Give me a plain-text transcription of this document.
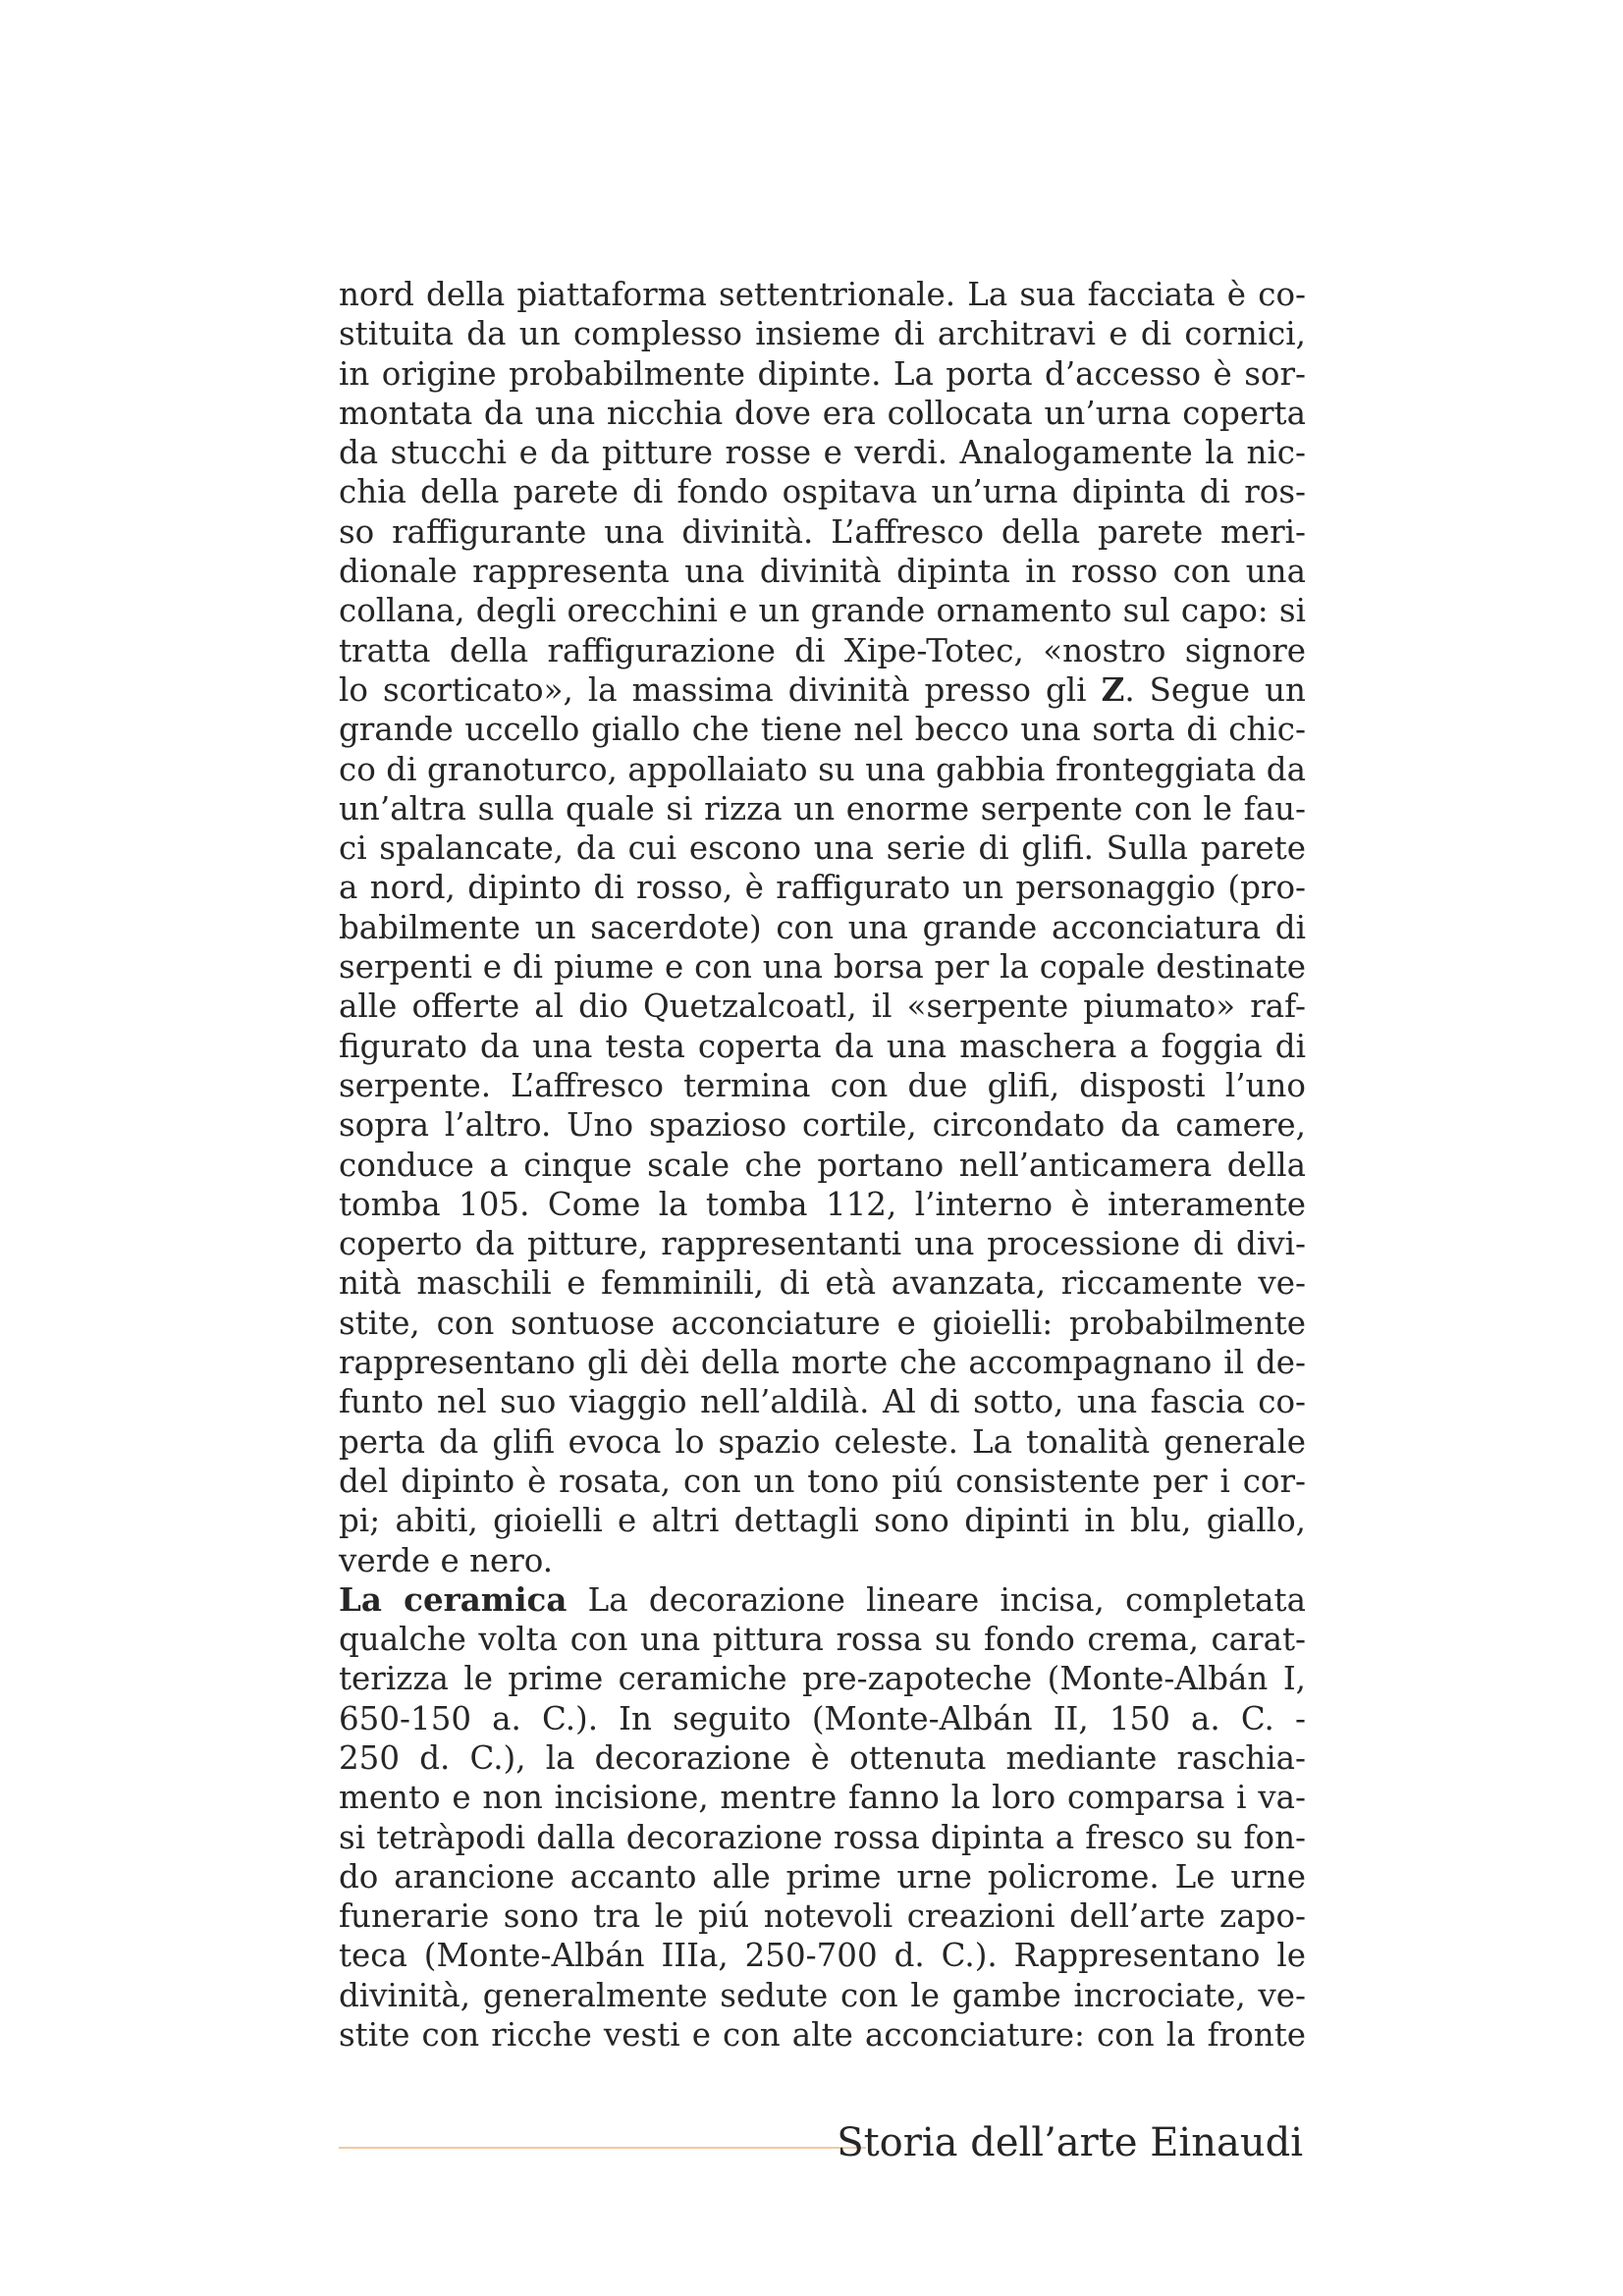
nord della piattaforma settentrionale. La sua facciata è co-
stituita da un complesso insieme di architravi e di cornici,
in origine probabilmente dipinte. La porta d’accesso è sor-
montata da una nicchia dove era collocata un’urna coperta
da stucchi e da pitture rosse e verdi. Analogamente la nic-
chia della parete di fondo ospitava un’urna dipinta di ros-
so raffigurante una divinità. L’affresco della parete meri-
dionale rappresenta una divinità dipinta in rosso con una
collana, degli orecchini e un grande ornamento sul capo: si
tratta della raffigurazione di Xipe-Totec, «nostro signore
lo scorticato», la massima divinità presso gli Z. Segue un
grande uccello giallo che tiene nel becco una sorta di chic-
co di granoturco, appollaiato su una gabbia fronteggiata da
un’altra sulla quale si rizza un enorme serpente con le fau-
ci spalancate, da cui escono una serie di glifi. Sulla parete
a nord, dipinto di rosso, è raffigurato un personaggio (pro-
babilmente un sacerdote) con una grande acconciatura di
serpenti e di piume e con una borsa per la copale destinate
alle offerte al dio Quetzalcoatl, il «serpente piumato» raf-
figurato da una testa coperta da una maschera a foggia di
serpente. L’affresco termina con due glifi, disposti l’uno
sopra l’altro. Uno spazioso cortile, circondato da camere,
conduce a cinque scale che portano nell’anticamera della
tomba 105. Come la tomba 112, l’interno è interamente
coperto da pitture, rappresentanti una processione di divi-
nità maschili e femminili, di età avanzata, riccamente ve-
stite, con sontuose acconciature e gioielli: probabilmente
rappresentano gli dèi della morte che accompagnano il de-
funto nel suo viaggio nell’aldilà. Al di sotto, una fascia co-
perta da glifi evoca lo spazio celeste. La tonalità generale
del dipinto è rosata, con un tono piú consistente per i cor-
pi; abiti, gioielli e altri dettagli sono dipinti in blu, giallo,
verde e nero.
La ceramica La decorazione lineare incisa, completata
qualche volta con una pittura rossa su fondo crema, carat-
terizza le prime ceramiche pre-zapoteche (Monte-Albán I,
650-150 a. C.). In seguito (Monte-Albán II, 150 a. C. -
250 d. C.), la decorazione è ottenuta mediante raschia-
mento e non incisione, mentre fanno la loro comparsa i va-
si tetràpodi dalla decorazione rossa dipinta a fresco su fon-
do arancione accanto alle prime urne policrome. Le urne
funerarie sono tra le piú notevoli creazioni dell’arte zapo-
teca (Monte-Albán IIIa, 250-700 d. C.). Rappresentano le
divinità, generalmente sedute con le gambe incrociate, ve-
stite con ricche vesti e con alte acconciature: con la fronte
Storia dell’arte Einaudi
